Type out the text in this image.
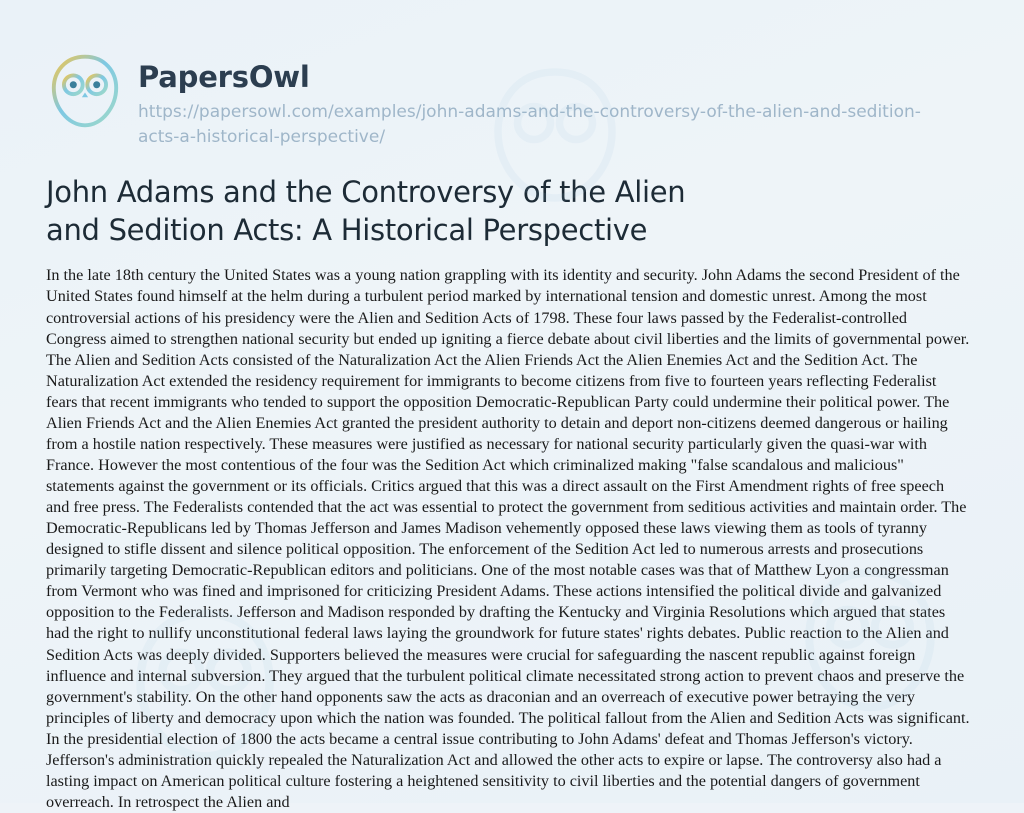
PapersOwl
https://papersowl.com/examples/john-adams-and-the-controversy-of-the-alien-and-sedition-acts-a-historical-perspective/
John Adams and the Controversy of the Alien and Sedition Acts: A Historical Perspective

In the late 18th century the United States was a young nation grappling with its identity and security. John Adams the second President of the United States found himself at the helm during a turbulent period marked by international tension and domestic unrest. Among the most controversial actions of his presidency were the Alien and Sedition Acts of 1798. These four laws passed by the Federalist-controlled Congress aimed to strengthen national security but ended up igniting a fierce debate about civil liberties and the limits of governmental power. The Alien and Sedition Acts consisted of the Naturalization Act the Alien Friends Act the Alien Enemies Act and the Sedition Act. The Naturalization Act extended the residency requirement for immigrants to become citizens from five to fourteen years reflecting Federalist fears that recent immigrants who tended to support the opposition Democratic-Republican Party could undermine their political power. The Alien Friends Act and the Alien Enemies Act granted the president authority to detain and deport non-citizens deemed dangerous or hailing from a hostile nation respectively. These measures were justified as necessary for national security particularly given the quasi-war with France. However the most contentious of the four was the Sedition Act which criminalized making "false scandalous and malicious" statements against the government or its officials. Critics argued that this was a direct assault on the First Amendment rights of free speech and free press. The Federalists contended that the act was essential to protect the government from seditious activities and maintain order. The Democratic-Republicans led by Thomas Jefferson and James Madison vehemently opposed these laws viewing them as tools of tyranny designed to stifle dissent and silence political opposition. The enforcement of the Sedition Act led to numerous arrests and prosecutions primarily targeting Democratic-Republican editors and politicians. One of the most notable cases was that of Matthew Lyon a congressman from Vermont who was fined and imprisoned for criticizing President Adams. These actions intensified the political divide and galvanized opposition to the Federalists. Jefferson and Madison responded by drafting the Kentucky and Virginia Resolutions which argued that states had the right to nullify unconstitutional federal laws laying the groundwork for future states' rights debates. Public reaction to the Alien and Sedition Acts was deeply divided. Supporters believed the measures were crucial for safeguarding the nascent republic against foreign influence and internal subversion. They argued that the turbulent political climate necessitated strong action to prevent chaos and preserve the government's stability. On the other hand opponents saw the acts as draconian and an overreach of executive power betraying the very principles of liberty and democracy upon which the nation was founded. The political fallout from the Alien and Sedition Acts was significant. In the presidential election of 1800 the acts became a central issue contributing to John Adams' defeat and Thomas Jefferson's victory. Jefferson's administration quickly repealed the Naturalization Act and allowed the other acts to expire or lapse. The controversy also had a lasting impact on American political culture fostering a heightened sensitivity to civil liberties and the potential dangers of government overreach. In retrospect the Alien and
